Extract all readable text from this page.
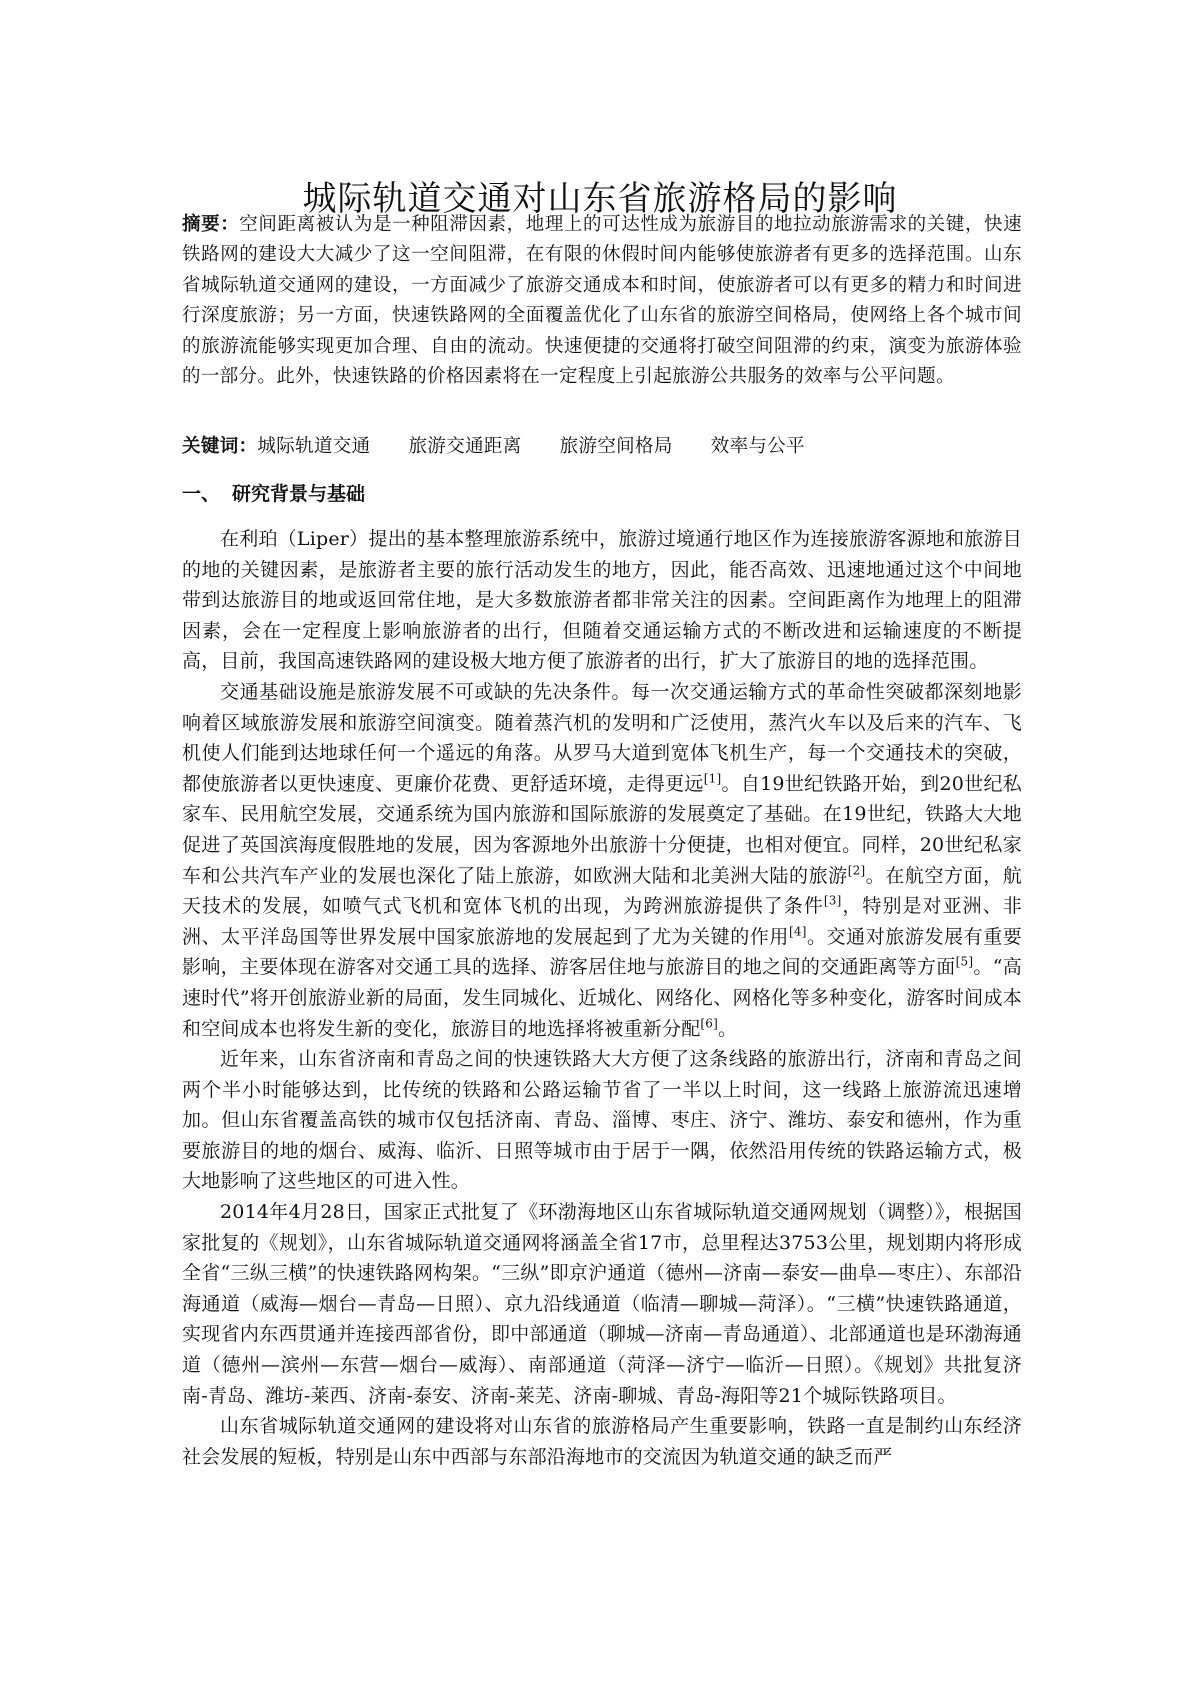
城际轨道交通对山东省旅游格局的影响
摘要：空间距离被认为是一种阻滞因素，地理上的可达性成为旅游目的地拉动旅游需求的关键，快速铁路网的建设大大减少了这一空间阻滞，在有限的休假时间内能够使旅游者有更多的选择范围。山东省城际轨道交通网的建设，一方面减少了旅游交通成本和时间，使旅游者可以有更多的精力和时间进行深度旅游；另一方面，快速铁路网的全面覆盖优化了山东省的旅游空间格局，使网络上各个城市间的旅游流能够实现更加合理、自由的流动。快速便捷的交通将打破空间阻滞的约束，演变为旅游体验的一部分。此外，快速铁路的价格因素将在一定程度上引起旅游公共服务的效率与公平问题。
关键词：城际轨道交通 旅游交通距离 旅游空间格局 效率与公平
一、 研究背景与基础

在利珀（Liper）提出的基本整理旅游系统中，旅游过境通行地区作为连接旅游客源地和旅游目的地的关键因素，是旅游者主要的旅行活动发生的地方，因此，能否高效、迅速地通过这个中间地带到达旅游目的地或返回常住地，是大多数旅游者都非常关注的因素。空间距离作为地理上的阻滞因素，会在一定程度上影响旅游者的出行，但随着交通运输方式的不断改进和运输速度的不断提高，目前，我国高速铁路网的建设极大地方便了旅游者的出行，扩大了旅游目的地的选择范围。

交通基础设施是旅游发展不可或缺的先决条件。每一次交通运输方式的革命性突破都深刻地影响着区域旅游发展和旅游空间演变。随着蒸汽机的发明和广泛使用，蒸汽火车以及后来的汽车、飞机使人们能到达地球任何一个遥远的角落。从罗马大道到宽体飞机生产，每一个交通技术的突破，都使旅游者以更快速度、更廉价花费、更舒适环境，走得更远[1]。自19世纪铁路开始，到20世纪私家车、民用航空发展，交通系统为国内旅游和国际旅游的发展奠定了基础。在19世纪，铁路大大地促进了英国滨海度假胜地的发展，因为客源地外出旅游十分便捷，也相对便宜。同样，20世纪私家车和公共汽车产业的发展也深化了陆上旅游，如欧洲大陆和北美洲大陆的旅游[2]。在航空方面，航天技术的发展，如喷气式飞机和宽体飞机的出现，为跨洲旅游提供了条件[3]，特别是对亚洲、非洲、太平洋岛国等世界发展中国家旅游地的发展起到了尤为关键的作用[4]。交通对旅游发展有重要影响，主要体现在游客对交通工具的选择、游客居住地与旅游目的地之间的交通距离等方面[5]。“高速时代”将开创旅游业新的局面，发生同城化、近城化、网络化、网格化等多种变化，游客时间成本和空间成本也将发生新的变化，旅游目的地选择将被重新分配[6]。

近年来，山东省济南和青岛之间的快速铁路大大方便了这条线路的旅游出行，济南和青岛之间两个半小时能够达到，比传统的铁路和公路运输节省了一半以上时间，这一线路上旅游流迅速增加。但山东省覆盖高铁的城市仅包括济南、青岛、淄博、枣庄、济宁、潍坊、泰安和德州，作为重要旅游目的地的烟台、威海、临沂、日照等城市由于居于一隅，依然沿用传统的铁路运输方式，极大地影响了这些地区的可进入性。

2014年4月28日，国家正式批复了《环渤海地区山东省城际轨道交通网规划（调整）》，根据国家批复的《规划》，山东省城际轨道交通网将涵盖全省17市，总里程达3753公里，规划期内将形成全省“三纵三横”的快速铁路网构架。“三纵”即京沪通道（德州—济南—泰安—曲阜—枣庄）、东部沿海通道（威海—烟台—青岛—日照）、京九沿线通道（临清—聊城—菏泽）。“三横”快速铁路通道，实现省内东西贯通并连接西部省份，即中部通道（聊城—济南—青岛通道）、北部通道也是环渤海通道（德州—滨州—东营—烟台—威海）、南部通道（菏泽—济宁—临沂—日照）。《规划》共批复济南-青岛、潍坊-莱西、济南-泰安、济南-莱芜、济南-聊城、青岛-海阳等21个城际铁路项目。

山东省城际轨道交通网的建设将对山东省的旅游格局产生重要影响，铁路一直是制约山东经济社会发展的短板，特别是山东中西部与东部沿海地市的交流因为轨道交通的缺乏而严
